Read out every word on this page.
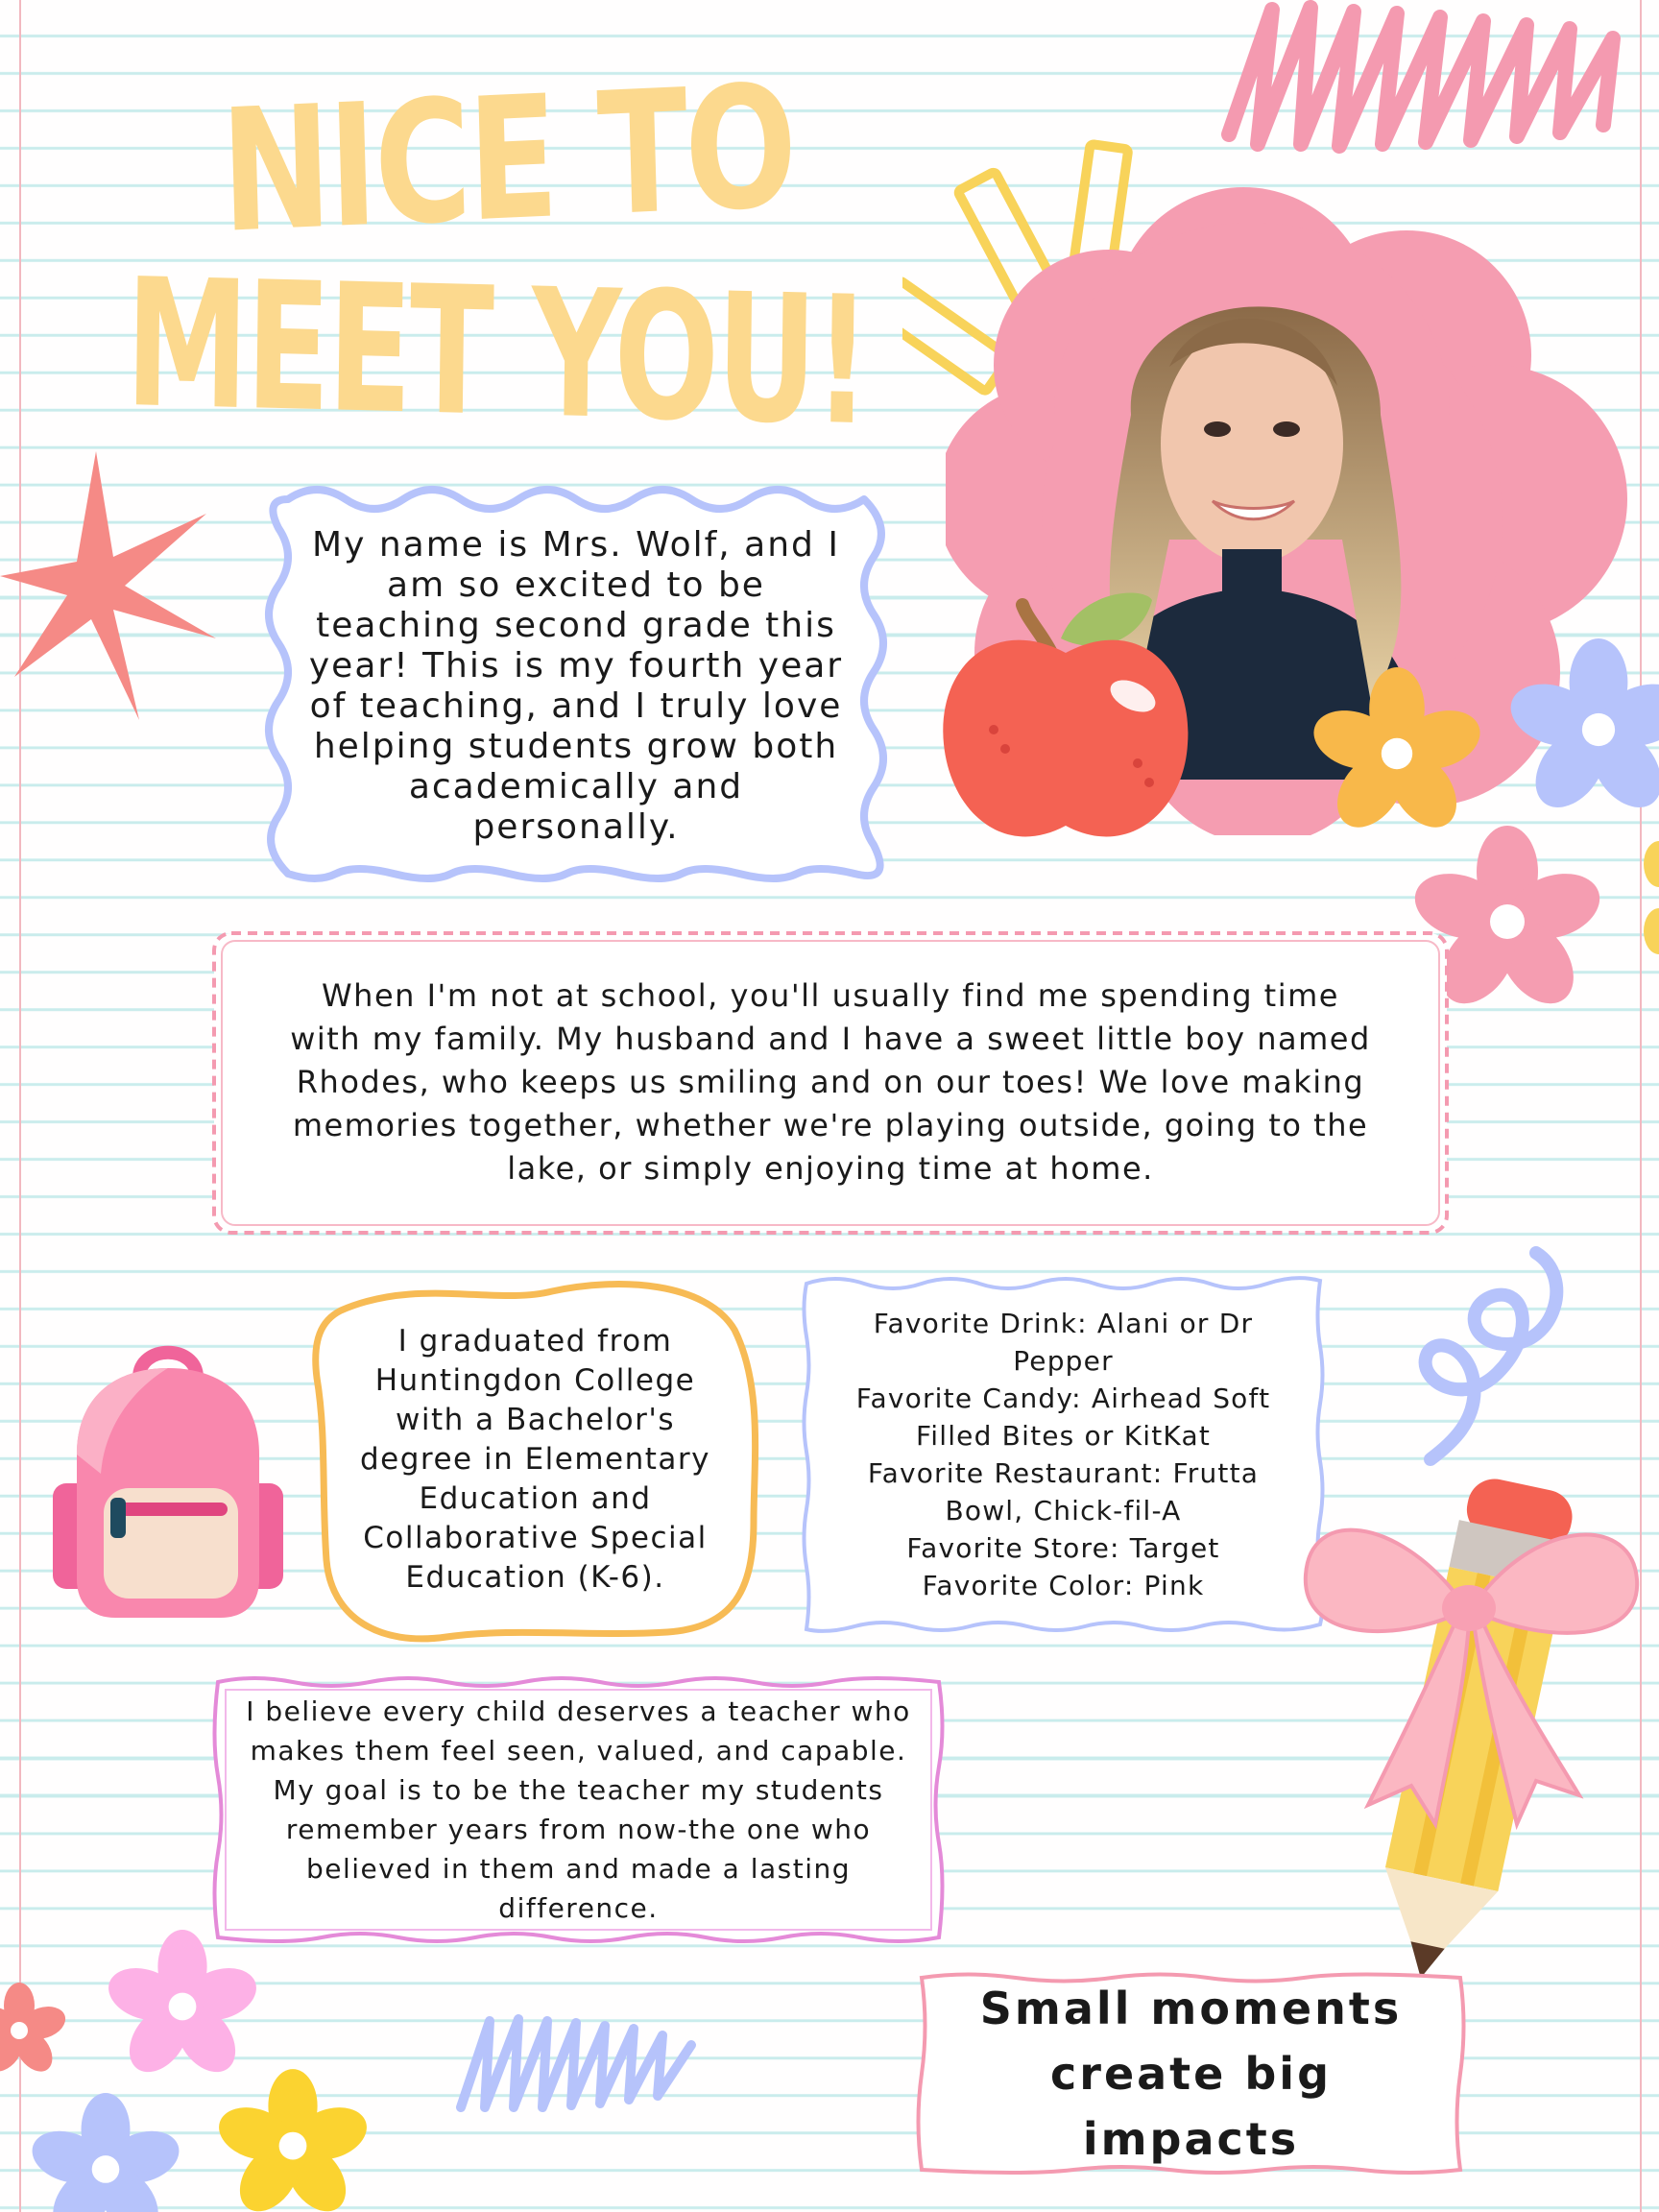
NICE TO
MEET YOU!
My name is Mrs. Wolf, and I am so excited to be teaching second grade this year! This is my fourth year of teaching, and I truly love helping students grow both academically and personally.
When I'm not at school, you'll usually find me spending time with my family. My husband and I have a sweet little boy named Rhodes, who keeps us smiling and on our toes! We love making memories together, whether we're playing outside, going to the lake, or simply enjoying time at home.
I graduated from Huntingdon College with a Bachelor's degree in Elementary Education and Collaborative Special Education (K-6).
Favorite Drink: Alani or Dr Pepper
Favorite Candy: Airhead Soft Filled Bites or KitKat
Favorite Restaurant: Frutta Bowl, Chick-fil-A
Favorite Store: Target
Favorite Color: Pink
I believe every child deserves a teacher who makes them feel seen, valued, and capable. My goal is to be the teacher my students remember years from now-the one who believed in them and made a lasting difference.
Small moments create big impacts
